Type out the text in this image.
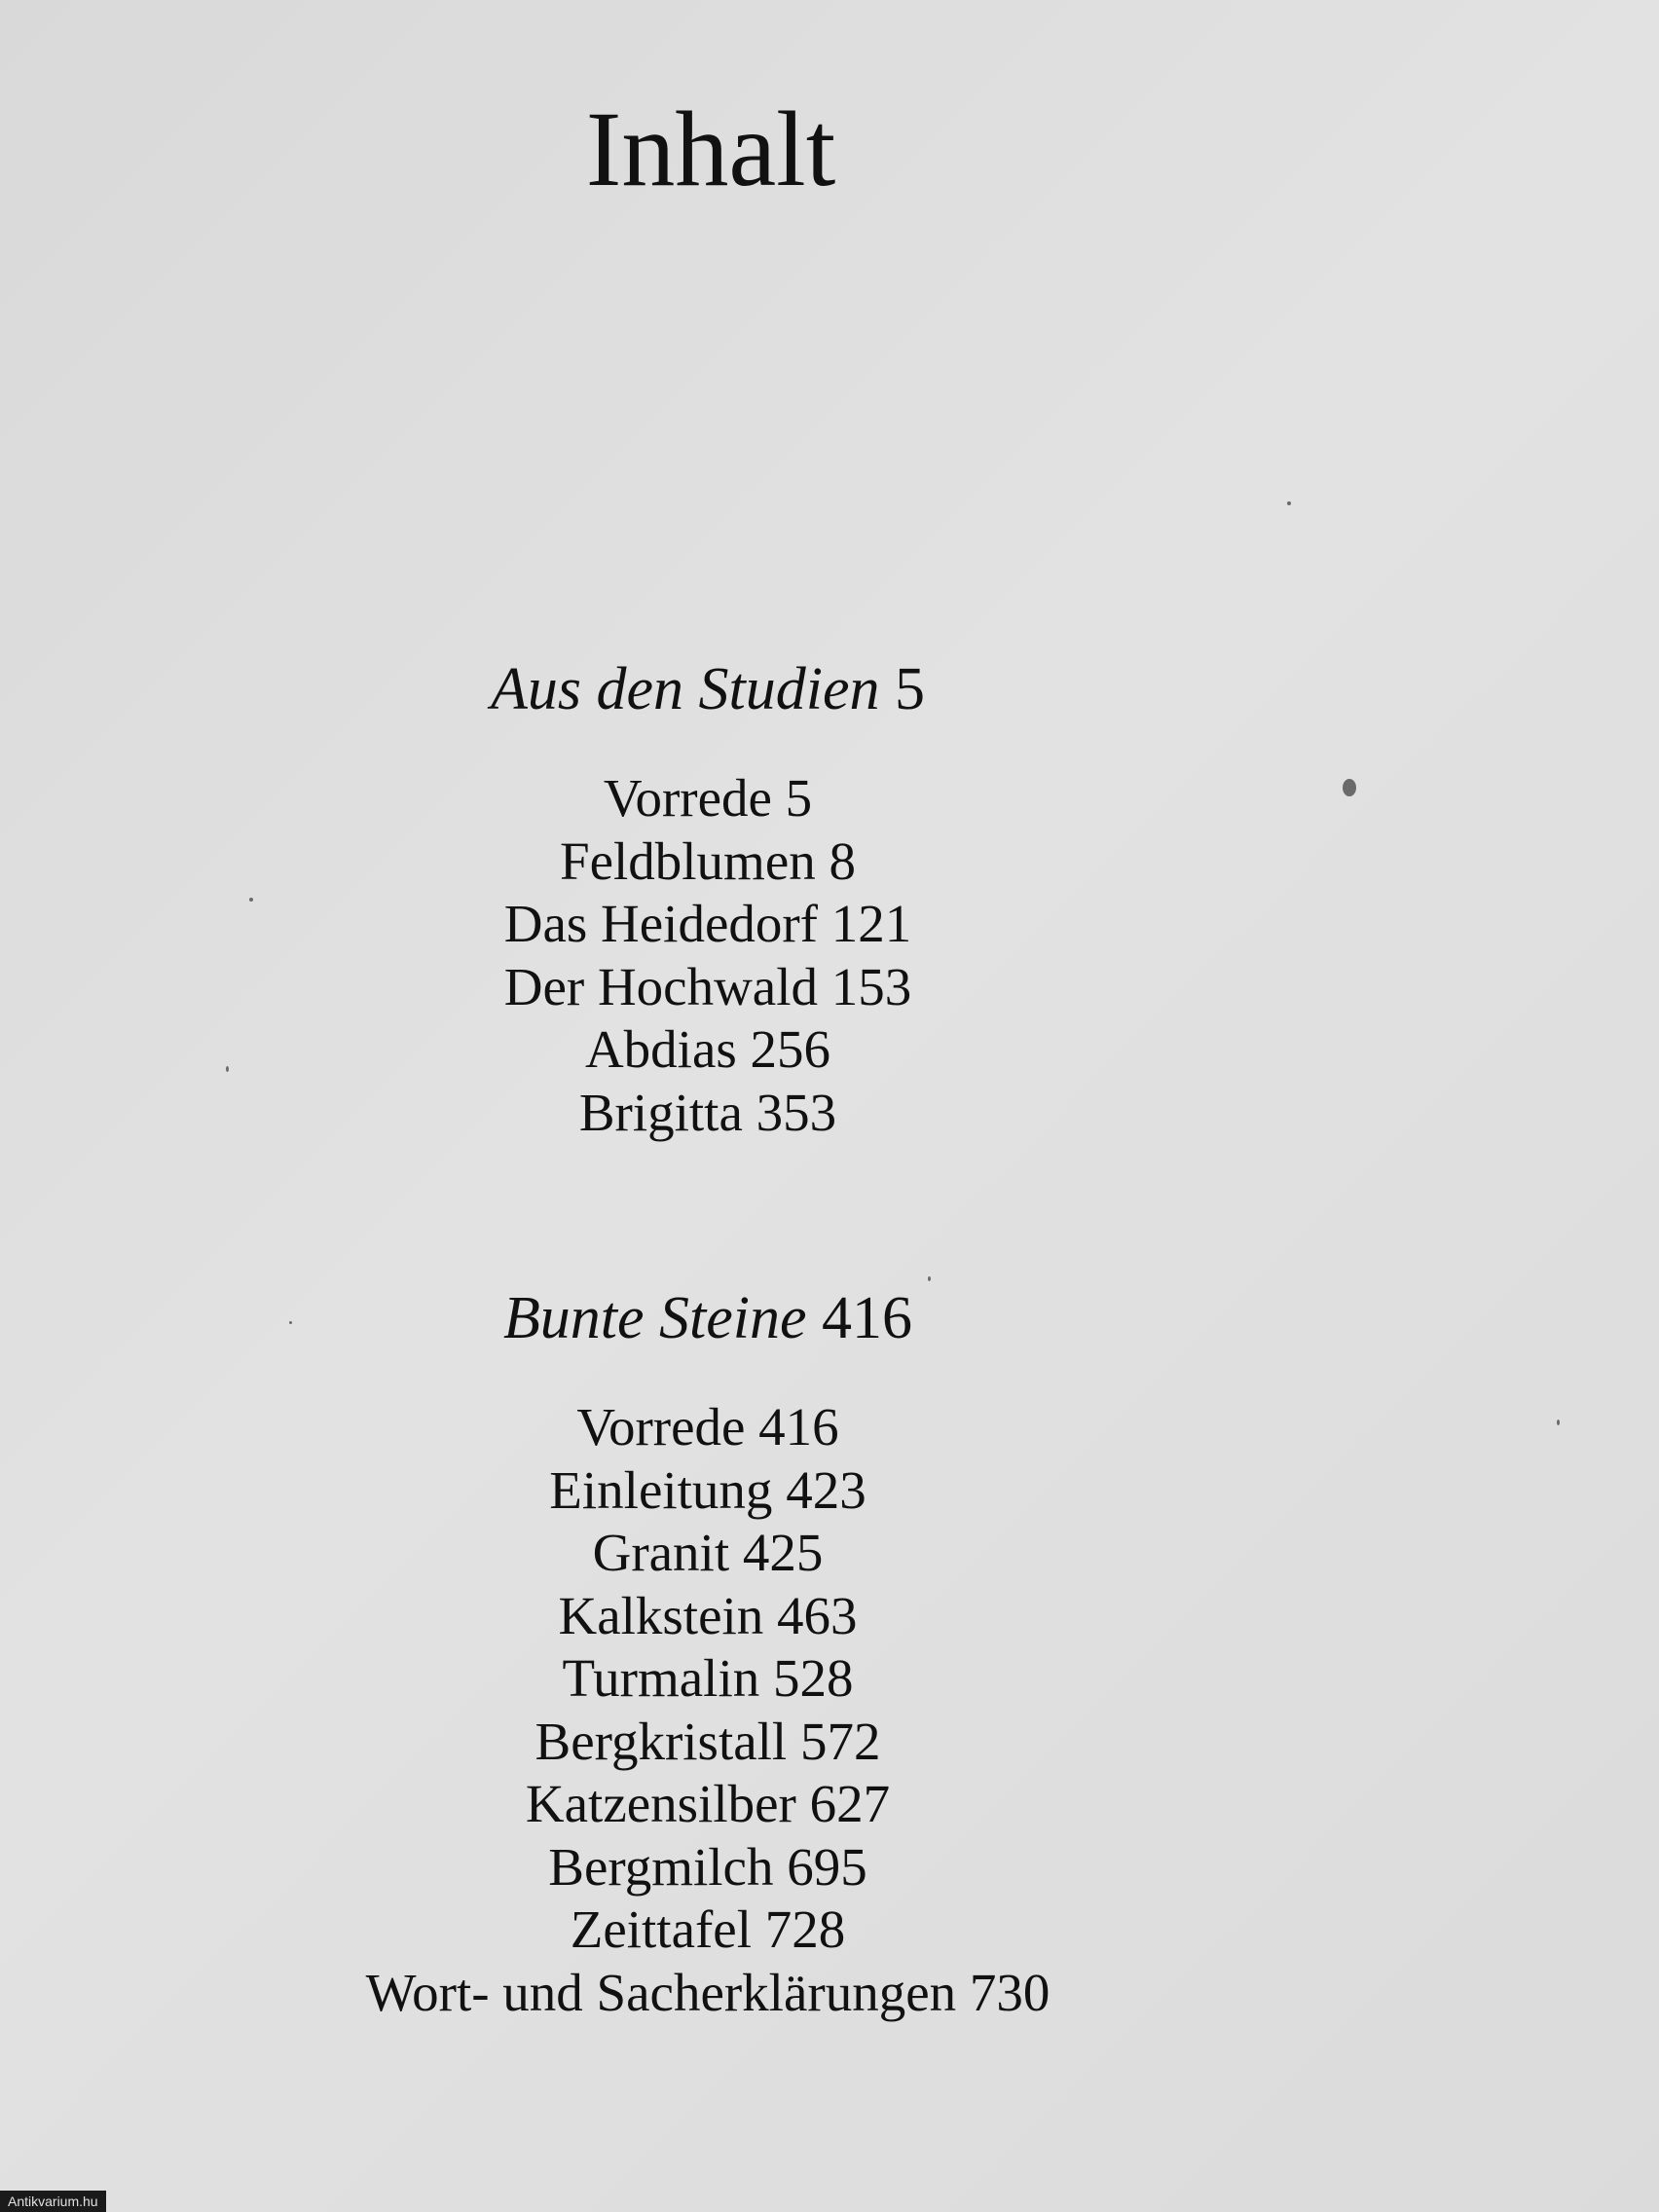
Inhalt
Aus den Studien 5
Vorrede 5
Feldblumen 8
Das Heidedorf 121
Der Hochwald 153
Abdias 256
Brigitta 353
Bunte Steine 416
Vorrede 416
Einleitung 423
Granit 425
Kalkstein 463
Turmalin 528
Bergkristall 572
Katzensilber 627
Bergmilch 695
Zeittafel 728
Wort- und Sacherklärungen 730
Antikvarium.hu
